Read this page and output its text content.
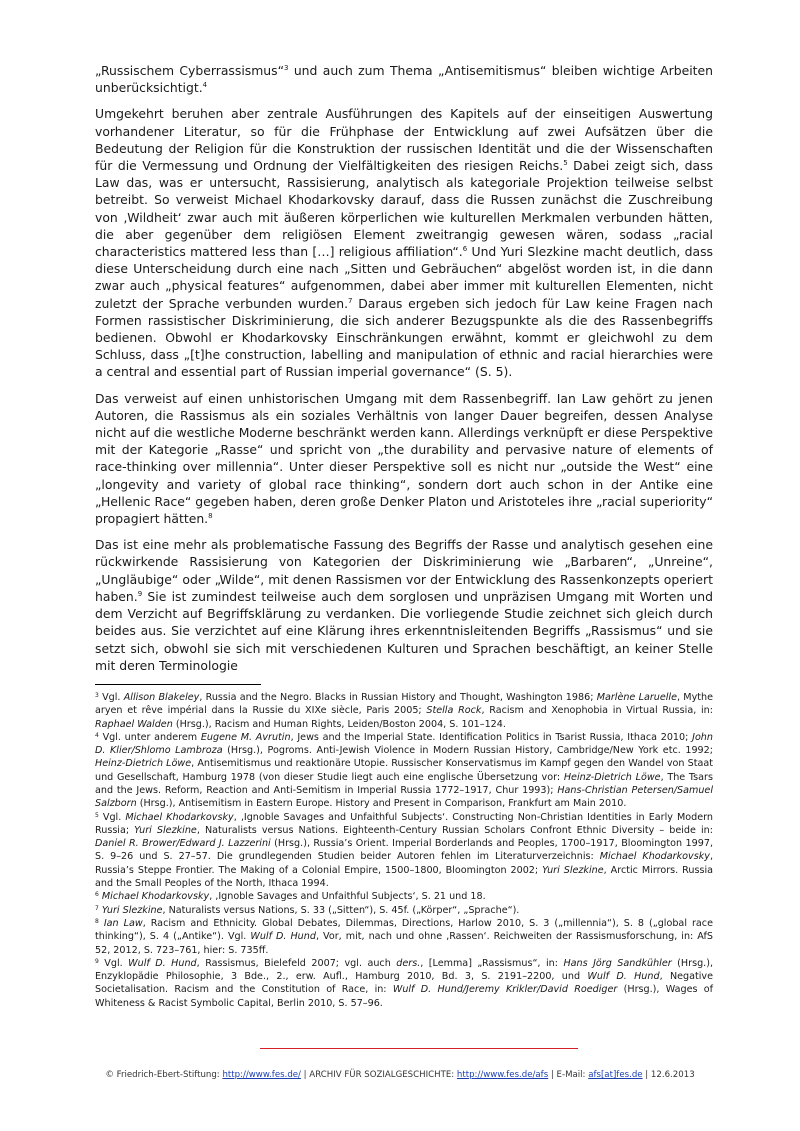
„Russischem Cyberrassismus“$^3$ und auch zum Thema „Antisemitismus“ bleiben wichtige Arbeiten unberücksichtigt.$^4$

Umgekehrt beruhen aber zentrale Ausführungen des Kapitels auf der einseitigen Auswertung vorhandener Literatur, so für die Frühphase der Entwicklung auf zwei Aufsätzen über die Bedeutung der Religion für die Konstruktion der russischen Identität und die der Wissenschaften für die Vermessung und Ordnung der Vielfältigkeiten des riesigen Reichs.$^5$ Dabei zeigt sich, dass Law das, was er untersucht, Rassisierung, analytisch als kategoriale Projektion teilweise selbst betreibt. So verweist Michael Khodarkovsky darauf, dass die Russen zunächst die Zuschreibung von ‚Wildheit‘ zwar auch mit äußeren körperlichen wie kulturellen Merkmalen verbunden hätten, die aber gegenüber dem religiösen Element zweitrangig gewesen wären, sodass „racial characteristics mattered less than […] religious affiliation“.$^6$ Und Yuri Slezkine macht deutlich, dass diese Unterscheidung durch eine nach „Sitten und Gebräuchen“ abgelöst worden ist, in die dann zwar auch „physical features“ aufgenommen, dabei aber immer mit kulturellen Elementen, nicht zuletzt der Sprache verbunden wurden.$^7$ Daraus ergeben sich jedoch für Law keine Fragen nach Formen rassistischer Diskriminierung, die sich anderer Bezugspunkte als die des Rassenbegriffs bedienen. Obwohl er Khodarkovsky Einschränkungen erwähnt, kommt er gleichwohl zu dem Schluss, dass „[t]he construction, labelling and manipulation of ethnic and racial hierarchies were a central and essential part of Russian imperial governance“ (S. 5).

Das verweist auf einen unhistorischen Umgang mit dem Rassenbegriff. Ian Law gehört zu jenen Autoren, die Rassismus als ein soziales Verhältnis von langer Dauer begreifen, dessen Analyse nicht auf die westliche Moderne beschränkt werden kann. Allerdings verknüpft er diese Perspektive mit der Kategorie „Rasse“ und spricht von „the durability and pervasive nature of elements of race-thinking over millennia“. Unter dieser Perspektive soll es nicht nur „outside the West“ eine „longevity and variety of global race thinking“, sondern dort auch schon in der Antike eine „Hellenic Race“ gegeben haben, deren große Denker Platon und Aristoteles ihre „racial superiority“ propagiert hätten.$^8$

Das ist eine mehr als problematische Fassung des Begriffs der Rasse und analytisch gesehen eine rückwirkende Rassisierung von Kategorien der Diskriminierung wie „Barbaren“, „Unreine“, „Ungläubige“ oder „Wilde“, mit denen Rassismen vor der Entwicklung des Rassenkonzepts operiert haben.$^9$ Sie ist zumindest teilweise auch dem sorglosen und unpräzisen Umgang mit Worten und dem Verzicht auf Begriffsklärung zu verdanken. Die vorliegende Studie zeichnet sich gleich durch beides aus. Sie verzichtet auf eine Klärung ihres erkenntnisleitenden Begriffs „Rassismus“ und sie setzt sich, obwohl sie sich mit verschiedenen Kulturen und Sprachen beschäftigt, an keiner Stelle mit deren Terminologie

$^3$ Vgl. Allison Blakeley, Russia and the Negro. Blacks in Russian History and Thought, Washington 1986; Marlène Laruelle, Mythe aryen et rêve impérial dans la Russie du XIXe siècle, Paris 2005; Stella Rock, Racism and Xenophobia in Virtual Russia, in: Raphael Walden (Hrsg.), Racism and Human Rights, Leiden/Boston 2004, S. 101–124.

$^4$ Vgl. unter anderem Eugene M. Avrutin, Jews and the Imperial State. Identification Politics in Tsarist Russia, Ithaca 2010; John D. Klier/Shlomo Lambroza (Hrsg.), Pogroms. Anti-Jewish Violence in Modern Russian History, Cambridge/New York etc. 1992; Heinz-Dietrich Löwe, Antisemitismus und reaktionäre Utopie. Russischer Konservatismus im Kampf gegen den Wandel von Staat und Gesellschaft, Hamburg 1978 (von dieser Studie liegt auch eine englische Übersetzung vor: Heinz-Dietrich Löwe, The Tsars and the Jews. Reform, Reaction and Anti-Semitism in Imperial Russia 1772–1917, Chur 1993); Hans-Christian Petersen/Samuel Salzborn (Hrsg.), Antisemitism in Eastern Europe. History and Present in Comparison, Frankfurt am Main 2010.

$^5$ Vgl. Michael Khodarkovsky, ‚Ignoble Savages and Unfaithful Subjects‘. Constructing Non-Christian Identities in Early Modern Russia; Yuri Slezkine, Naturalists versus Nations. Eighteenth-Century Russian Scholars Confront Ethnic Diversity – beide in: Daniel R. Brower/Edward J. Lazzerini (Hrsg.), Russia’s Orient. Imperial Borderlands and Peoples, 1700–1917, Bloomington 1997, S. 9–26 und S. 27–57. Die grundlegenden Studien beider Autoren fehlen im Literaturverzeichnis: Michael Khodarkovsky, Russia’s Steppe Frontier. The Making of a Colonial Empire, 1500–1800, Bloomington 2002; Yuri Slezkine, Arctic Mirrors. Russia and the Small Peoples of the North, Ithaca 1994.

$^6$ Michael Khodarkovsky, ‚Ignoble Savages and Unfaithful Subjects‘, S. 21 und 18.

$^7$ Yuri Slezkine, Naturalists versus Nations, S. 33 („Sitten“), S. 45f. („Körper“, „Sprache“).

$^8$ Ian Law, Racism and Ethnicity. Global Debates, Dilemmas, Directions, Harlow 2010, S. 3 („millennia“), S. 8 („global race thinking“), S. 4 („Antike“). Vgl. Wulf D. Hund, Vor, mit, nach und ohne ‚Rassen‘. Reichweiten der Rassismusforschung, in: AfS 52, 2012, S. 723–761, hier: S. 735ff.

$^9$ Vgl. Wulf D. Hund, Rassismus, Bielefeld 2007; vgl. auch ders., [Lemma] „Rassismus“, in: Hans Jörg Sandkühler (Hrsg.), Enzyklopädie Philosophie, 3 Bde., 2., erw. Aufl., Hamburg 2010, Bd. 3, S. 2191–2200, und Wulf D. Hund, Negative Societalisation. Racism and the Constitution of Race, in: Wulf D. Hund/Jeremy Krikler/David Roediger (Hrsg.), Wages of Whiteness & Racist Symbolic Capital, Berlin 2010, S. 57–96.

© Friedrich-Ebert-Stiftung: http://www.fes.de/ | ARCHIV FÜR SOZIALGESCHICHTE: http://www.fes.de/afs | E-Mail: afs[at]fes.de | 12.6.2013
